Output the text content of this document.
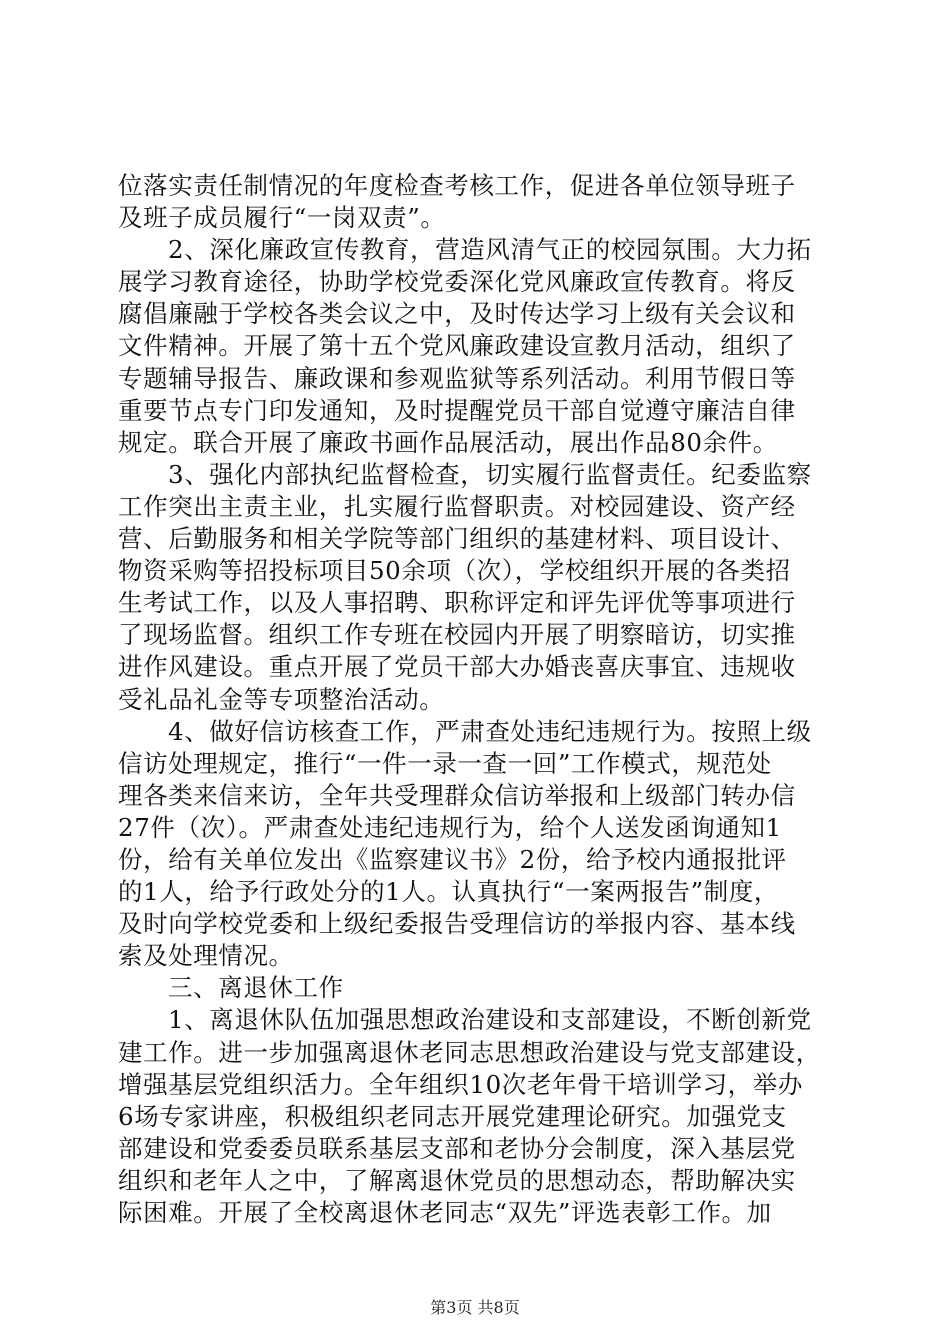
位落实责任制情况的年度检查考核工作，促进各单位领导班子
及班子成员履行“一岗双责”。
2、深化廉政宣传教育，营造风清气正的校园氛围。大力拓
展学习教育途径，协助学校党委深化党风廉政宣传教育。将反
腐倡廉融于学校各类会议之中，及时传达学习上级有关会议和
文件精神。开展了第十五个党风廉政建设宣教月活动，组织了
专题辅导报告、廉政课和参观监狱等系列活动。利用节假日等
重要节点专门印发通知，及时提醒党员干部自觉遵守廉洁自律
规定。联合开展了廉政书画作品展活动，展出作品80余件。
3、强化内部执纪监督检查，切实履行监督责任。纪委监察
工作突出主责主业，扎实履行监督职责。对校园建设、资产经
营、后勤服务和相关学院等部门组织的基建材料、项目设计、
物资采购等招投标项目50余项（次），学校组织开展的各类招
生考试工作，以及人事招聘、职称评定和评先评优等事项进行
了现场监督。组织工作专班在校园内开展了明察暗访，切实推
进作风建设。重点开展了党员干部大办婚丧喜庆事宜、违规收
受礼品礼金等专项整治活动。
4、做好信访核查工作，严肃查处违纪违规行为。按照上级
信访处理规定，推行“一件一录一查一回”工作模式，规范处
理各类来信来访，全年共受理群众信访举报和上级部门转办信
27件（次）。严肃查处违纪违规行为，给个人送发函询通知1
份，给有关单位发出《监察建议书》2份，给予校内通报批评
的1人，给予行政处分的1人。认真执行“一案两报告”制度，
及时向学校党委和上级纪委报告受理信访的举报内容、基本线
索及处理情况。
三、离退休工作
1、离退休队伍加强思想政治建设和支部建设，不断创新党
建工作。进一步加强离退休老同志思想政治建设与党支部建设，
增强基层党组织活力。全年组织10次老年骨干培训学习，举办
6场专家讲座，积极组织老同志开展党建理论研究。加强党支
部建设和党委委员联系基层支部和老协分会制度，深入基层党
组织和老年人之中，了解离退休党员的思想动态，帮助解决实
际困难。开展了全校离退休老同志“双先”评选表彰工作。加
第3页 共8页
